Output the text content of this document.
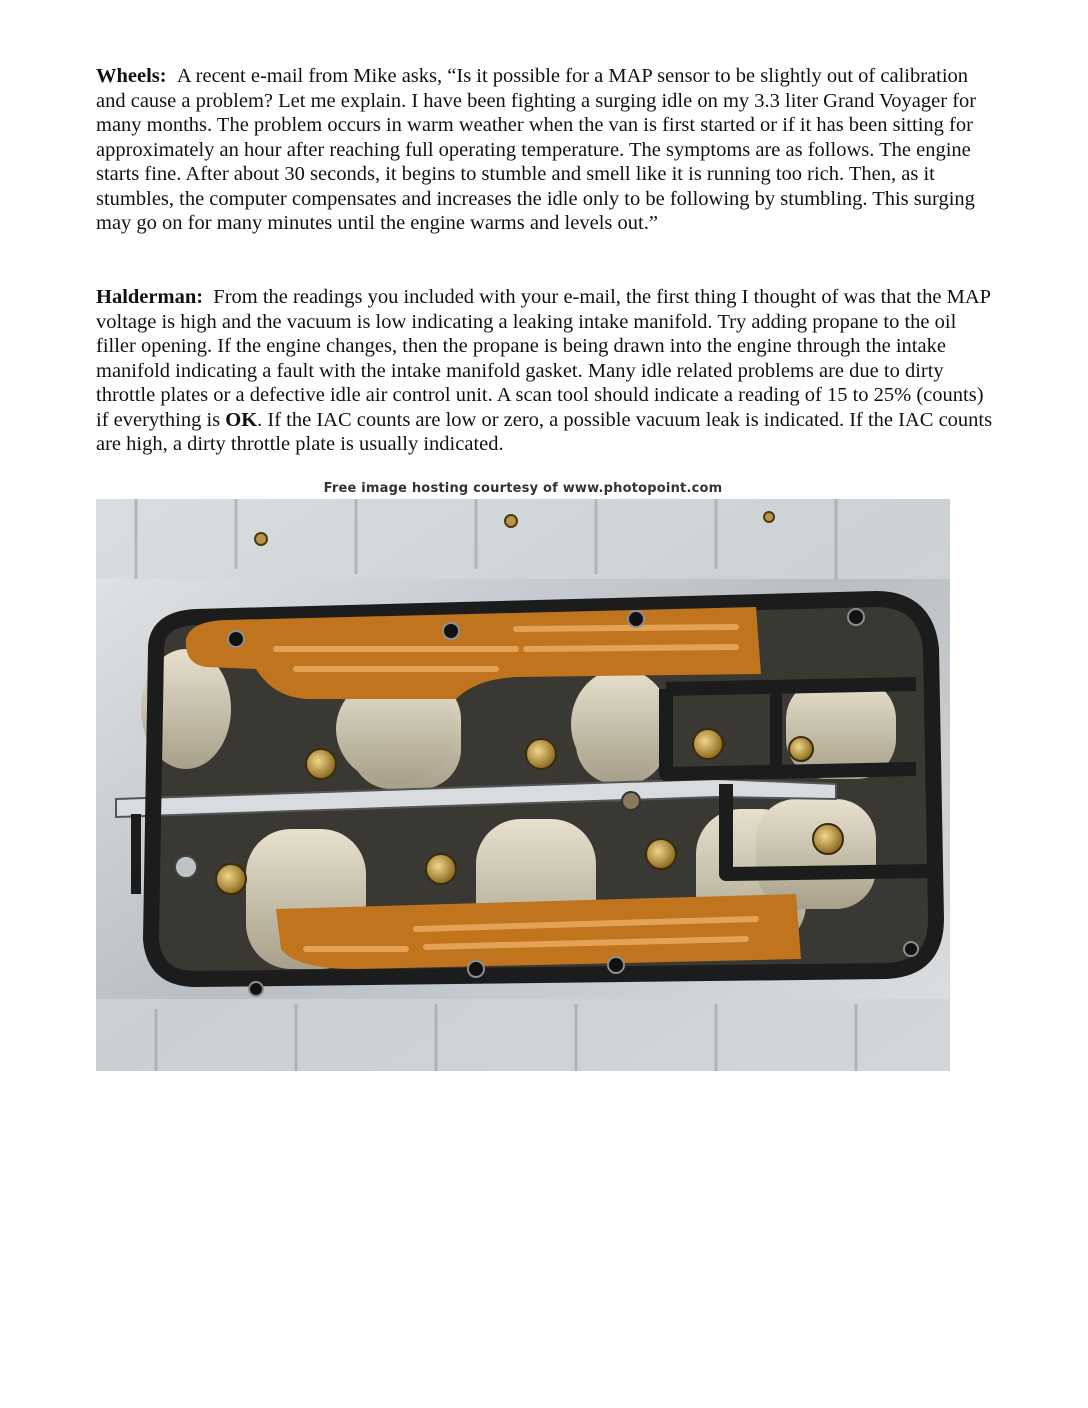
Wheels: A recent e-mail from Mike asks, “Is it possible for a MAP sensor to be slightly out of calibration and cause a problem? Let me explain. I have been fighting a surging idle on my 3.3 liter Grand Voyager for many months. The problem occurs in warm weather when the van is first started or if it has been sitting for approximately an hour after reaching full operating temperature. The symptoms are as follows. The engine starts fine. After about 30 seconds, it begins to stumble and smell like it is running too rich. Then, as it stumbles, the computer compensates and increases the idle only to be following by stumbling. This surging may go on for many minutes until the engine warms and levels out.”

Halderman: From the readings you included with your e-mail, the first thing I thought of was that the MAP voltage is high and the vacuum is low indicating a leaking intake manifold. Try adding propane to the oil filler opening. If the engine changes, then the propane is being drawn into the engine through the intake manifold indicating a fault with the intake manifold gasket. Many idle related problems are due to dirty throttle plates or a defective idle air control unit. A scan tool should indicate a reading of 15 to 25% (counts) if everything is OK. If the IAC counts are low or zero, a possible vacuum leak is indicated. If the IAC counts are high, a dirty throttle plate is usually indicated.

Free image hosting courtesy of www.photopoint.com
